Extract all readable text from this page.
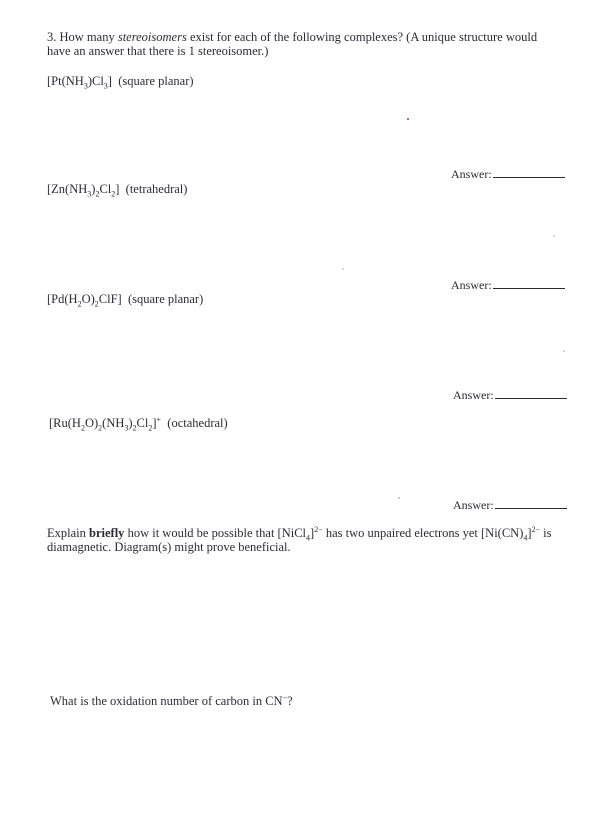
3. How many stereoisomers exist for each of the following complexes? (A unique structure would have an answer that there is 1 stereoisomer.)
$[Pt(NH_3)Cl_3]$ (square planar)
Answer:
$[Zn(NH_3)_2Cl_2]$ (tetrahedral)
Answer:
$[Pd(H_2O)_2ClF]$ (square planar)
Answer:
$[Ru(H_2O)_2(NH_3)_2Cl_2]^+$ (octahedral)
Answer:
Explain briefly how it would be possible that [NiCl$_4$]$^{2-}$ has two unpaired electrons yet $[Ni(CN)_4]^{2-}$ is diamagnetic. Diagram(s) might prove beneficial.
What is the oxidation number of carbon in CN−?
